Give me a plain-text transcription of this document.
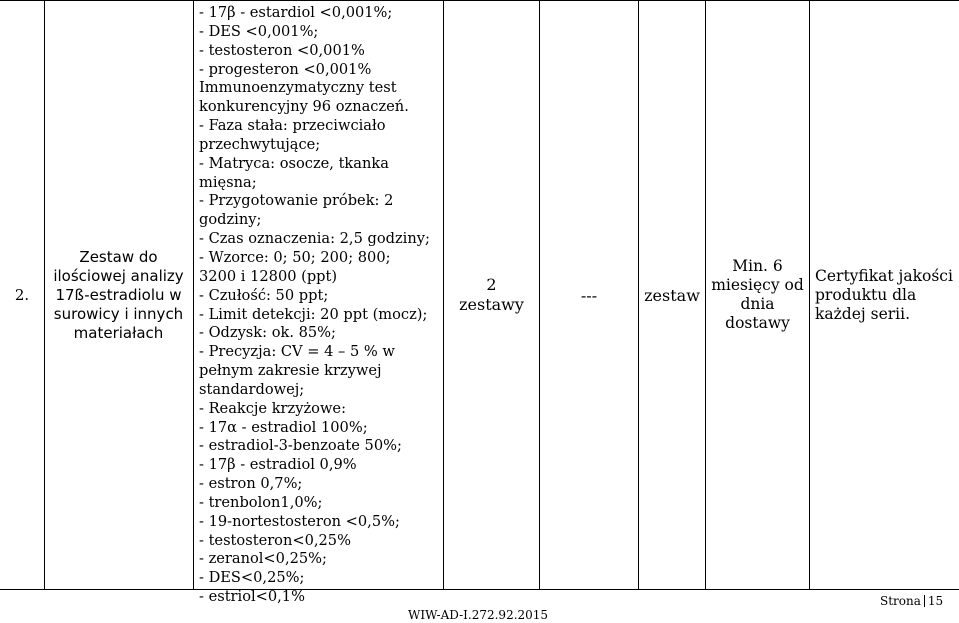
2.
Zestaw do
ilościowej analizy
17ß-estradiolu w
surowicy i innych
materiałach
- 17β - estardiol <0,001%;
- DES <0,001%;
- testosteron <0,001%
- progesteron <0,001%
Immunoenzymatyczny test
konkurencyjny 96 oznaczeń.
- Faza stała: przeciwciało
przechwytujące;
- Matryca: osocze, tkanka
mięsna;
- Przygotowanie próbek: 2
godziny;
- Czas oznaczenia: 2,5 godziny;
- Wzorce: 0; 50; 200; 800;
3200 i 12800 (ppt)
- Czułość: 50 ppt;
- Limit detekcji: 20 ppt (mocz);
- Odzysk: ok. 85%;
- Precyzja: CV = 4 – 5 % w
pełnym zakresie krzywej
standardowej;
- Reakcje krzyżowe:
- 17α - estradiol 100%;
- estradiol-3-benzoate 50%;
- 17β - estradiol 0,9%
- estron 0,7%;
- trenbolon1,0%;
- 19-nortestosteron <0,5%;
- testosteron<0,25%
- zeranol<0,25%;
- DES<0,25%;
- estriol<0,1%
2
zestawy	---	zestaw
Min. 6
miesięcy od
dnia
dostawy
Certyfikat jakości
produktu dla
każdej serii.
WIW-AD-I.272.92.2015
Strona 15
